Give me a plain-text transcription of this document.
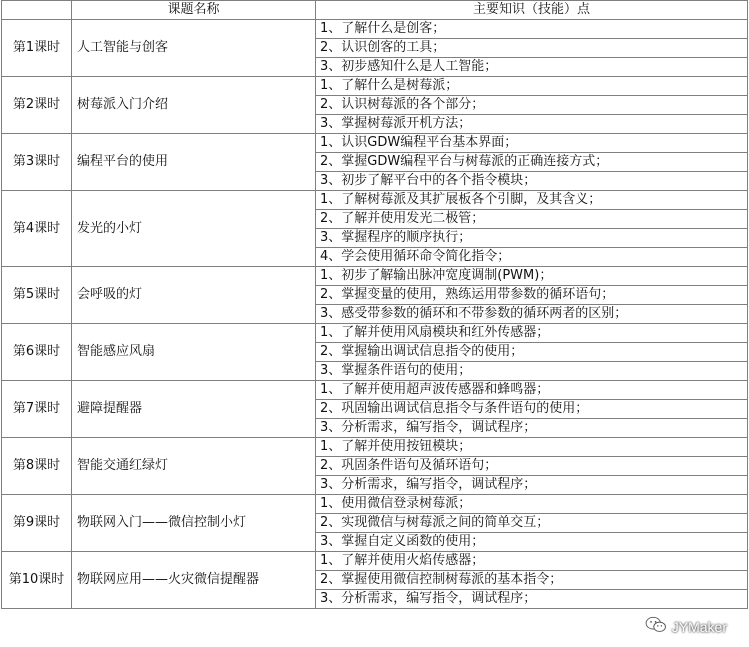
	课题名称	主要知识（技能）点
第1课时	人工智能与创客	1、了解什么是创客；
		2、认识创客的工具；
		3、初步感知什么是人工智能；
第2课时	树莓派入门介绍	1、了解什么是树莓派；
		2、认识树莓派的各个部分；
		3、掌握树莓派开机方法；
第3课时	编程平台的使用	1、认识GDW编程平台基本界面；
		2、掌握GDW编程平台与树莓派的正确连接方式；
		3、初步了解平台中的各个指令模块；
第4课时	发光的小灯	1、了解树莓派及其扩展板各个引脚，及其含义；
		2、了解并使用发光二极管；
		3、掌握程序的顺序执行；
		4、学会使用循环命令简化指令；
第5课时	会呼吸的灯	1、初步了解输出脉冲宽度调制(PWM)；
		2、掌握变量的使用，熟练运用带参数的循环语句；
		3、感受带参数的循环和不带参数的循环两者的区别；
第6课时	智能感应风扇	1、了解并使用风扇模块和红外传感器；
		2、掌握输出调试信息指令的使用；
		3、掌握条件语句的使用；
第7课时	避障提醒器	1、了解并使用超声波传感器和蜂鸣器；
		2、巩固输出调试信息指令与条件语句的使用；
		3、分析需求，编写指令，调试程序；
第8课时	智能交通红绿灯	1、了解并使用按钮模块；
		2、巩固条件语句及循环语句；
		3、分析需求，编写指令，调试程序；
第9课时	物联网入门——微信控制小灯	1、使用微信登录树莓派；
		2、实现微信与树莓派之间的简单交互；
		3、掌握自定义函数的使用；
第10课时	物联网应用——火灾微信提醒器	1、了解并使用火焰传感器；
		2、掌握使用微信控制树莓派的基本指令；
		3、分析需求，编写指令，调试程序；
JYMaker
